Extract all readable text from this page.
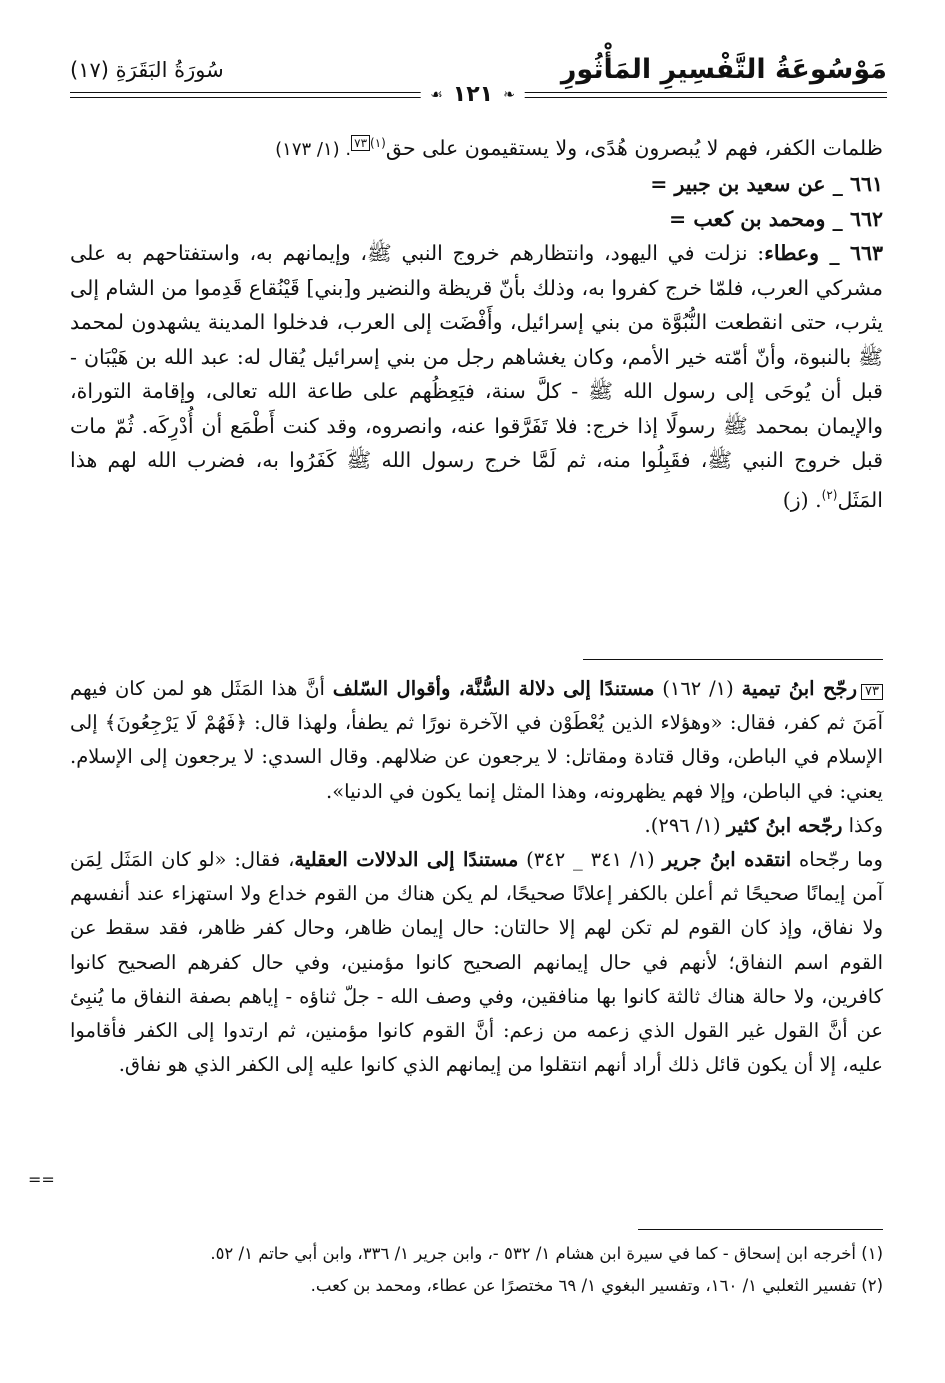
مَوْسُوعَةُ التَّفْسِيرِ المَأْثُورِ
سُورَةُ البَقَرَةِ (١٧)
❧
١٢١
☙

ظلمات الكفر، فهم لا يُبصرون هُدًى، ولا يستقيمون على حق$^{(١)}$٧٣. (١/ ١٧٣)

٦٦١ _ عن سعيد بن جبير =

٦٦٢ _ ومحمد بن كعب =

٦٦٣ _ وعطاء: نزلت في اليهود، وانتظارهم خروج النبي ﷺ، وإيمانهم به، واستفتاحهم به على مشركي العرب، فلمّا خرج كفروا به، وذلك بأنّ قريظة والنضير و[بني] قَيْنُقاع قَدِموا من الشام إلى يثرب، حتى انقطعت النُّبُوَّة من بني إسرائيل، وأَفْضَت إلى العرب، فدخلوا المدينة يشهدون لمحمد ﷺ بالنبوة، وأنّ أمّته خير الأمم، وكان يغشاهم رجل من بني إسرائيل يُقال له: عبد الله بن هَيْبَان - قبل أن يُوحَى إلى رسول الله ﷺ - كلَّ سنة، فيَعِظُهم على طاعة الله تعالى، وإقامة التوراة، والإيمان بمحمد ﷺ رسولًا إذا خرج: فلا تَفَرَّقوا عنه، وانصروه، وقد كنت أَطْمَع أن أُدْرِكَه. ثُمّ مات قبل خروج النبي ﷺ، فقَبِلُوا منه، ثم لَمَّا خرج رسول الله ﷺ كَفَرُوا به، فضرب الله لهم هذا المَثَل$^{(٢)}$. (ز)

٧٣رجّح ابنُ تيمية (١/ ١٦٢) مستندًا إلى دلالة السُّنَّة، وأقوال السّلف أنَّ هذا المَثَل هو لمن كان فيهم آمَنَ ثم كفر، فقال: «وهؤلاء الذين يُعْطَوْن في الآخرة نورًا ثم يطفأ، ولهذا قال: ﴿فَهُمْ لَا يَرْجِعُونَ﴾ إلى الإسلام في الباطن، وقال قتادة ومقاتل: لا يرجعون عن ضلالهم. وقال السدي: لا يرجعون إلى الإسلام. يعني: في الباطن، وإلا فهم يظهرونه، وهذا المثل إنما يكون في الدنيا».

وكذا رجّحه ابنُ كثير (١/ ٢٩٦).

وما رجّحاه انتقده ابنُ جرير (١/ ٣٤١ _ ٣٤٢) مستندًا إلى الدلالات العقلية، فقال: «لو كان المَثَل لِمَن آمن إيمانًا صحيحًا ثم أعلن بالكفر إعلانًا صحيحًا، لم يكن هناك من القوم خداع ولا استهزاء عند أنفسهم ولا نفاق، وإذ كان القوم لم تكن لهم إلا حالتان: حال إيمان ظاهر، وحال كفر ظاهر، فقد سقط عن القوم اسم النفاق؛ لأنهم في حال إيمانهم الصحيح كانوا مؤمنين، وفي حال كفرهم الصحيح كانوا كافرين، ولا حالة هناك ثالثة كانوا بها منافقين، وفي وصف الله - جلّ ثناؤه - إياهم بصفة النفاق ما يُنبِئ عن أنَّ القول غير القول الذي زعمه من زعم: أنَّ القوم كانوا مؤمنين، ثم ارتدوا إلى الكفر فأقاموا عليه، إلا أن يكون قائل ذلك أراد أنهم انتقلوا من إيمانهم الذي كانوا عليه إلى الكفر الذي هو نفاق.

==

(١) أخرجه ابن إسحاق - كما في سيرة ابن هشام ١/ ٥٣٢ -، وابن جرير ١/ ٣٣٦، وابن أبي حاتم ١/ ٥٢.

(٢) تفسير الثعلبي ١/ ١٦٠، وتفسير البغوي ١/ ٦٩ مختصرًا عن عطاء، ومحمد بن كعب.
